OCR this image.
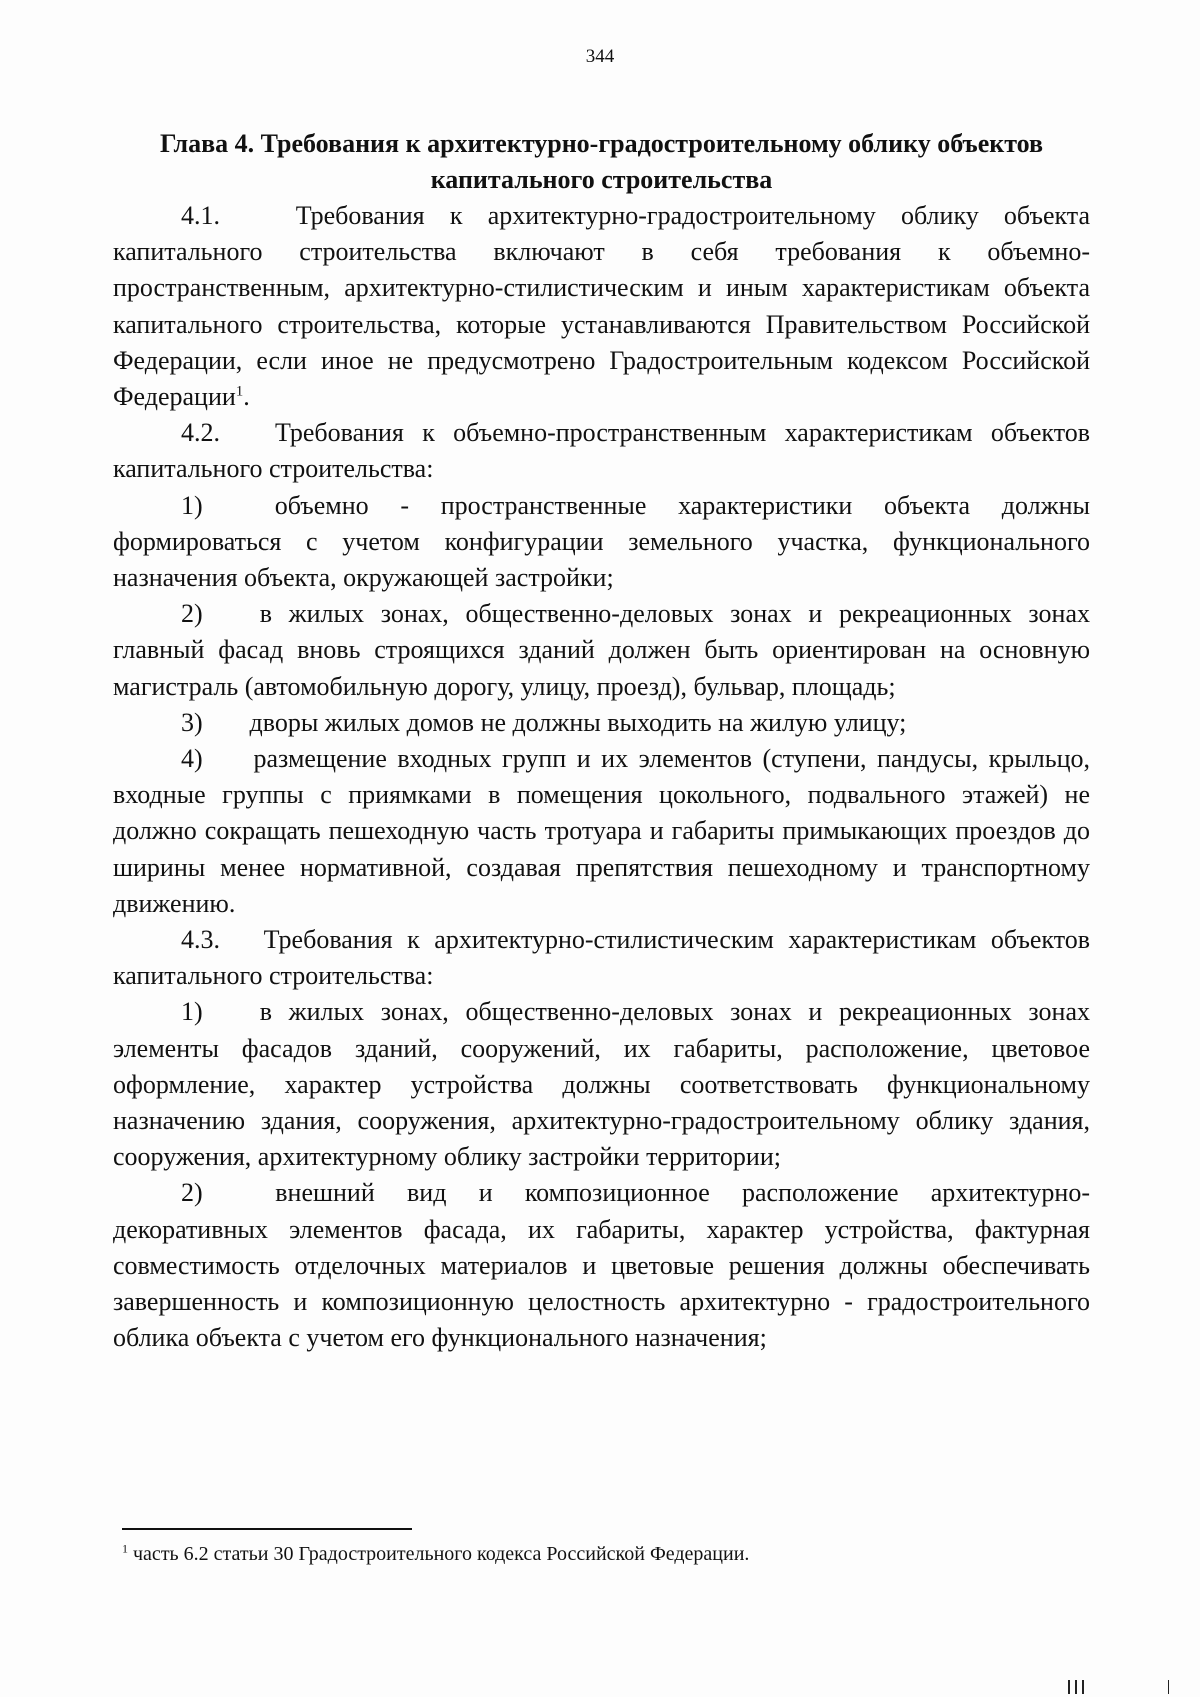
344
Глава 4. Требования к архитектурно-градостроительному облику объектов
капитального строительства

4.1.	Требования к архитектурно-градостроительному облику объекта капитального строительства включают в себя требования к объемно-пространственным, архитектурно-стилистическим и иным характеристикам объекта капитального строительства, которые устанавливаются Правительством Российской Федерации, если иное не предусмотрено Градостроительным кодексом Российской Федерации$^1$.

4.2. Требования к объемно-пространственным характеристикам объектов капитального строительства:

1)	объемно - пространственные характеристики объекта должны формироваться с учетом конфигурации земельного участка, функционального назначения объекта, окружающей застройки;

2) в жилых зонах, общественно-деловых зонах и рекреационных зонах главный фасад вновь строящихся зданий должен быть ориентирован на основную магистраль (автомобильную дорогу, улицу, проезд), бульвар, площадь;

3) дворы жилых домов не должны выходить на жилую улицу;

4) размещение входных групп и их элементов (ступени, пандусы, крыльцо, входные группы с приямками в помещения цокольного, подвального этажей) не должно сокращать пешеходную часть тротуара и габариты примыкающих проездов до ширины менее нормативной, создавая препятствия пешеходному и транспортному движению.

4.3. Требования к архитектурно-стилистическим характеристикам объектов капитального строительства:

1) в жилых зонах, общественно-деловых зонах и рекреационных зонах элементы фасадов зданий, сооружений, их габариты, расположение, цветовое оформление, характер устройства должны соответствовать функциональному назначению здания, сооружения, архитектурно-градостроительному облику здания, сооружения, архитектурному облику застройки территории;

2)	внешний вид и композиционное расположение архитектурно-декоративных элементов фасада, их габариты, характер устройства, фактурная совместимость отделочных материалов и цветовые решения должны обеспечивать завершенность и композиционную целостность архитектурно - градостроительного облика объекта с учетом его функционального назначения;

$^1$ часть 6.2 статьи 30 Градостроительного кодекса Российской Федерации.
